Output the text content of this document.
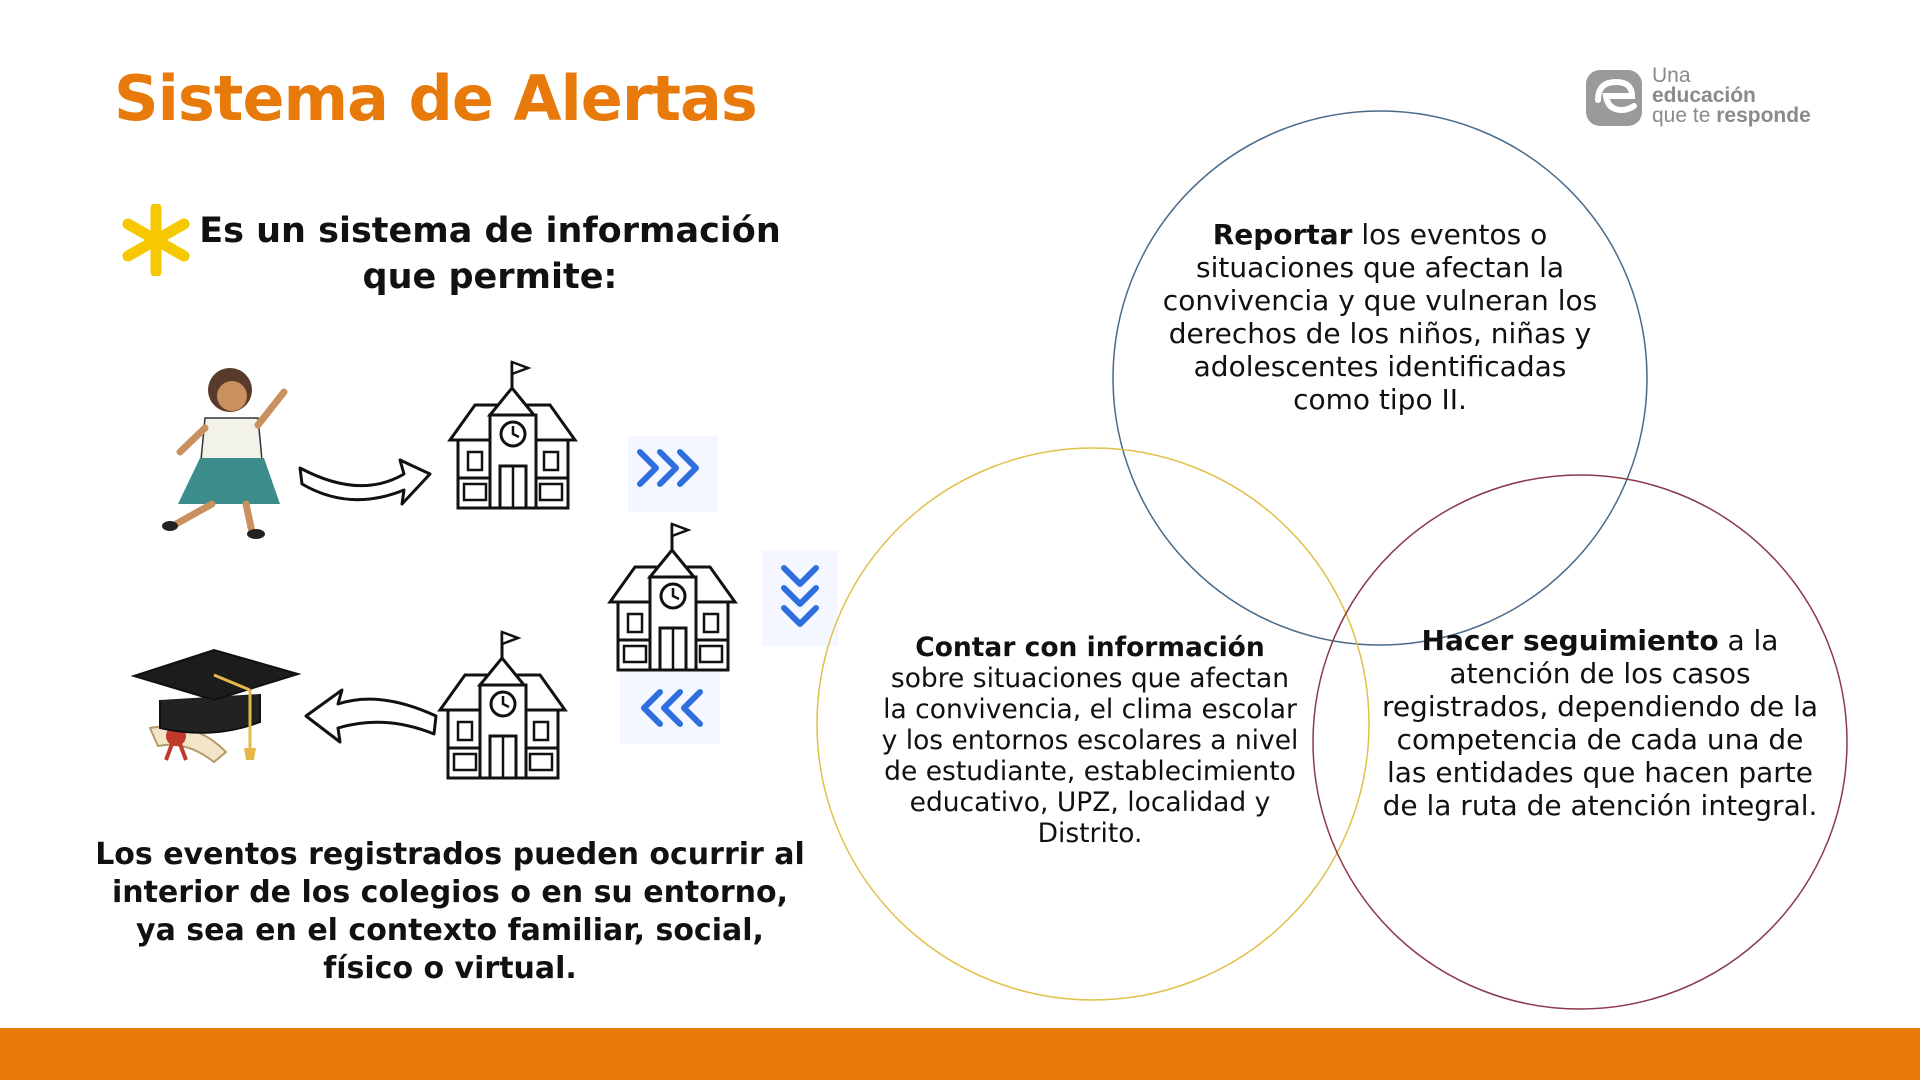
Sistema de Alertas	Una
educación
que te responde

Es un sistema de información
que permite:

Los eventos registrados pueden ocurrir al interior de los colegios o en su entorno, ya sea en el contexto familiar, social, físico o virtual.

Reportar los eventos o situaciones que afectan la convivencia y que vulneran los derechos de los niños, niñas y adolescentes identificadas como tipo II.

Contar con información sobre situaciones que afectan la convivencia, el clima escolar y los entornos escolares a nivel de estudiante, establecimiento educativo, UPZ, localidad y Distrito.

Hacer seguimiento a la atención de los casos registrados, dependiendo de la competencia de cada una de las entidades que hacen parte de la ruta de atención integral.
